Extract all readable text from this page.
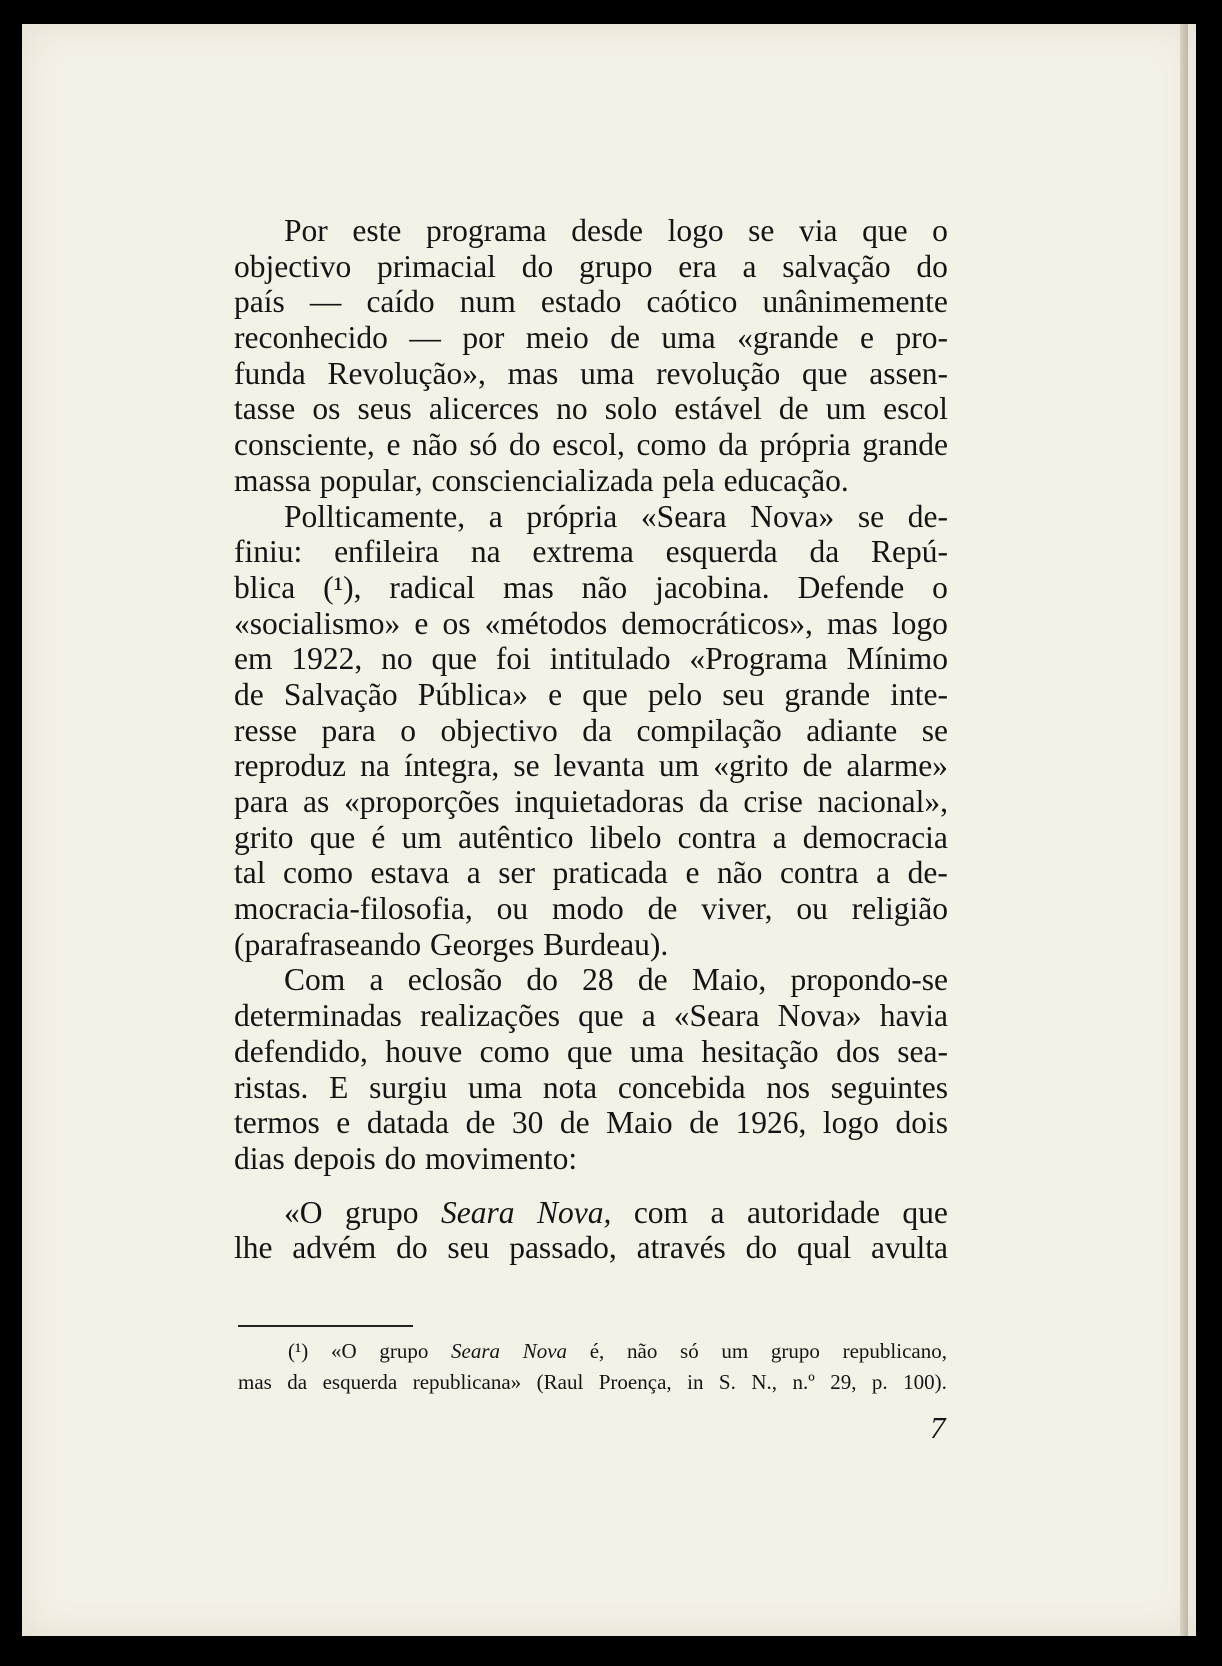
Por este programa desde logo se via que o
objectivo primacial do grupo era a salvação do
país — caído num estado caótico unânimemente
reconhecido — por meio de uma «grande e pro-
funda Revolução», mas uma revolução que assen-
tasse os seus alicerces no solo estável de um escol
consciente, e não só do escol, como da própria grande
massa popular, consciencializada pela educação.
Pollticamente, a própria «Seara Nova» se de-
finiu: enfileira na extrema esquerda da Repú-
blica (¹), radical mas não jacobina. Defende o
«socialismo» e os «métodos democráticos», mas logo
em 1922, no que foi intitulado «Programa Mínimo
de Salvação Pública» e que pelo seu grande inte-
resse para o objectivo da compilação adiante se
reproduz na íntegra, se levanta um «grito de alarme»
para as «proporções inquietadoras da crise nacional»,
grito que é um autêntico libelo contra a democracia
tal como estava a ser praticada e não contra a de-
mocracia-filosofia, ou modo de viver, ou religião
(parafraseando Georges Burdeau).
Com a eclosão do 28 de Maio, propondo-se
determinadas realizações que a «Seara Nova» havia
defendido, houve como que uma hesitação dos sea-
ristas. E surgiu uma nota concebida nos seguintes
termos e datada de 30 de Maio de 1926, logo dois
dias depois do movimento:
«O grupo Seara Nova, com a autoridade que
lhe advém do seu passado, através do qual avulta
(¹) «O grupo Seara Nova é, não só um grupo republicano,
mas da esquerda republicana» (Raul Proença, in S. N., n.º 29, p. 100).
7
